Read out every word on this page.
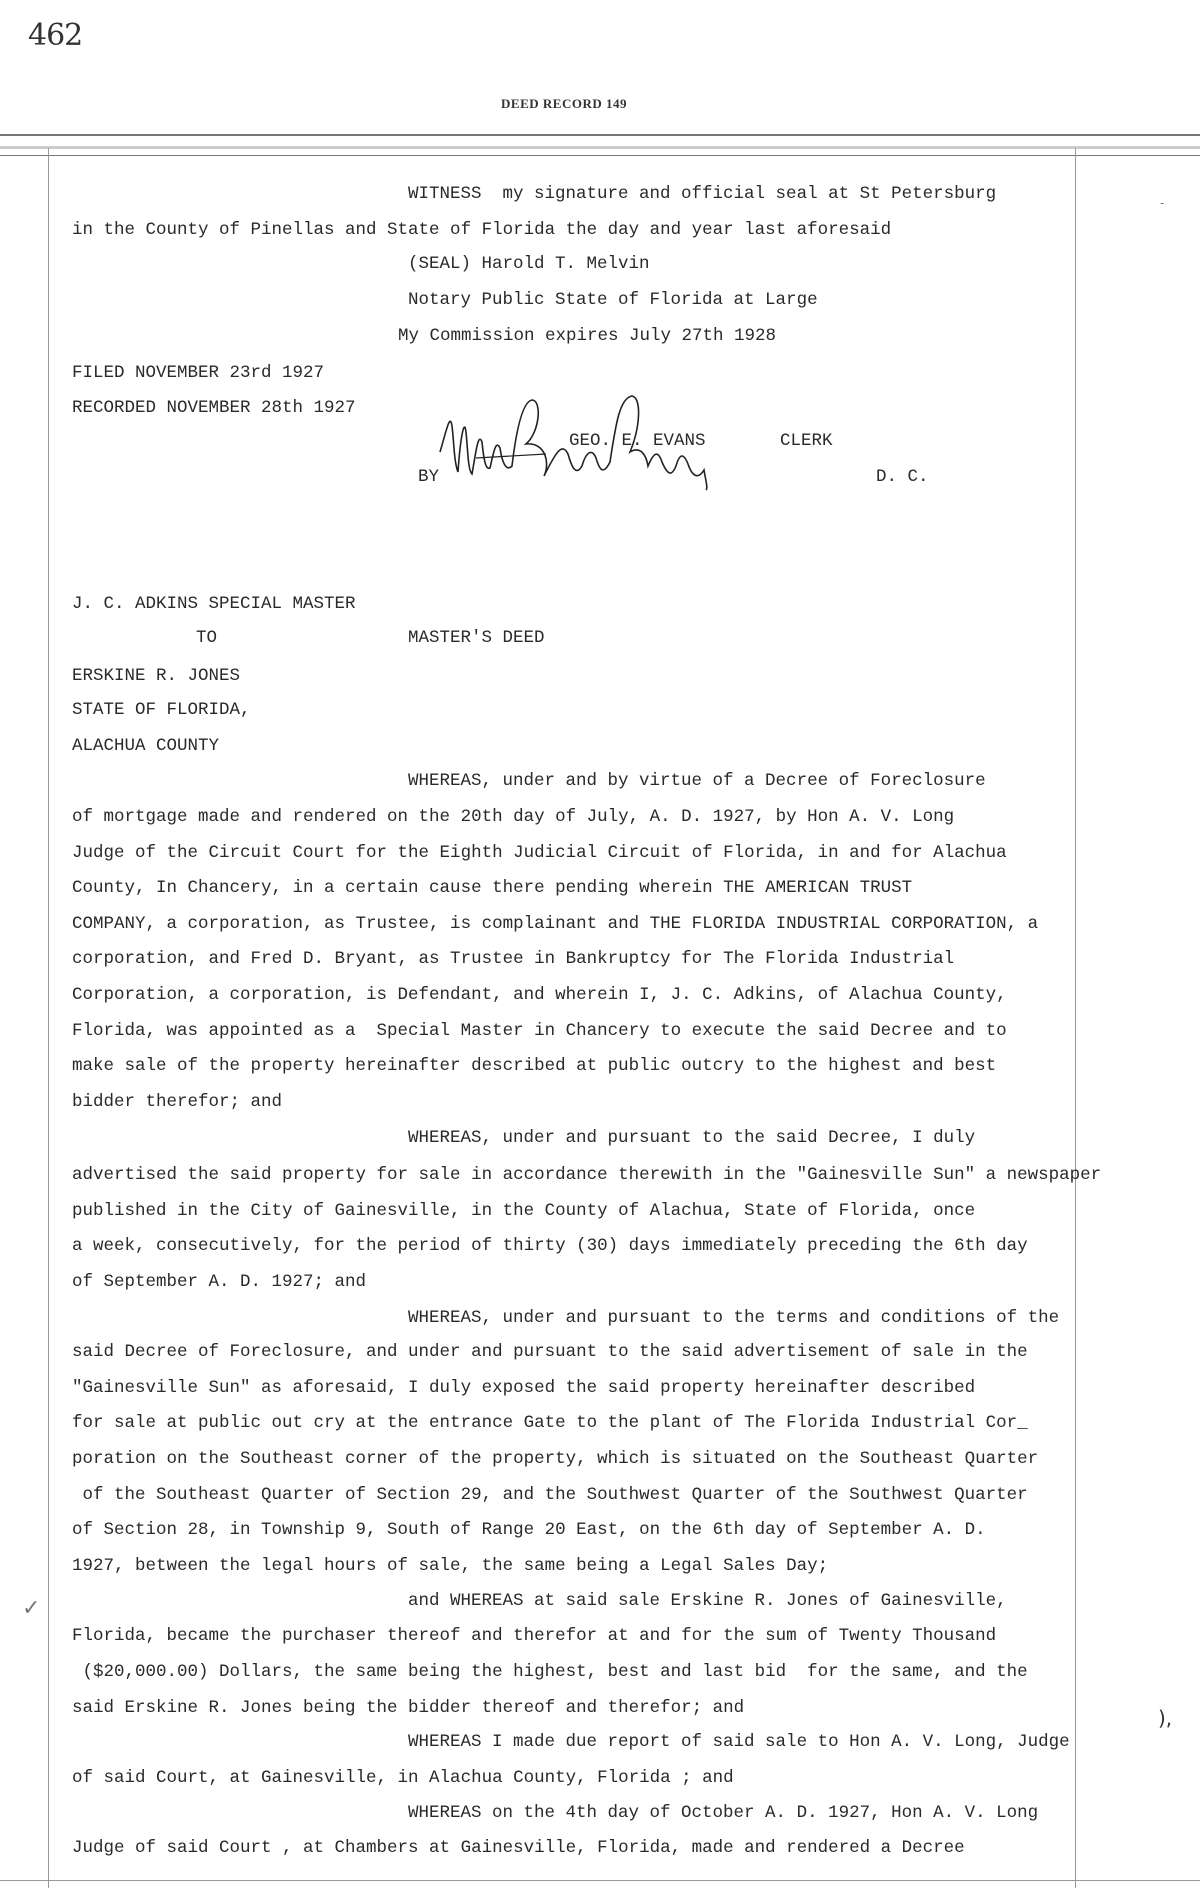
462
DEED RECORD 149
WITNESS  my signature and official seal at St Petersburg
in the County of Pinellas and State of Florida the day and year last aforesaid
(SEAL) Harold T. Melvin
Notary Public State of Florida at Large
My Commission expires July 27th 1928
FILED NOVEMBER 23rd 1927
RECORDED NOVEMBER 28th 1927
GEO. E. EVANS	CLERK
BY	D. C.
J. C. ADKINS SPECIAL MASTER
TO	MASTER'S DEED
ERSKINE R. JONES
STATE OF FLORIDA,
ALACHUA COUNTY
WHEREAS, under and by virtue of a Decree of Foreclosure
of mortgage made and rendered on the 20th day of July, A. D. 1927, by Hon A. V. Long
Judge of the Circuit Court for the Eighth Judicial Circuit of Florida, in and for Alachua
County, In Chancery, in a certain cause there pending wherein THE AMERICAN TRUST
COMPANY, a corporation, as Trustee, is complainant and THE FLORIDA INDUSTRIAL CORPORATION, a
corporation, and Fred D. Bryant, as Trustee in Bankruptcy for The Florida Industrial
Corporation, a corporation, is Defendant, and wherein I, J. C. Adkins, of Alachua County,
Florida, was appointed as a  Special Master in Chancery to execute the said Decree and to
make sale of the property hereinafter described at public outcry to the highest and best
bidder therefor; and
WHEREAS, under and pursuant to the said Decree, I duly
advertised the said property for sale in accordance therewith in the "Gainesville Sun" a newspaper
published in the City of Gainesville, in the County of Alachua, State of Florida, once
a week, consecutively, for the period of thirty (30) days immediately preceding the 6th day
of September A. D. 1927; and
WHEREAS, under and pursuant to the terms and conditions of the
said Decree of Foreclosure, and under and pursuant to the said advertisement of sale in the
"Gainesville Sun" as aforesaid, I duly exposed the said property hereinafter described
for sale at public out cry at the entrance Gate to the plant of The Florida Industrial Cor_
poration on the Southeast corner of the property, which is situated on the Southeast Quarter
of the Southeast Quarter of Section 29, and the Southwest Quarter of the Southwest Quarter
of Section 28, in Township 9, South of Range 20 East, on the 6th day of September A. D.
1927, between the legal hours of sale, the same being a Legal Sales Day;
and WHEREAS at said sale Erskine R. Jones of Gainesville,
Florida, became the purchaser thereof and therefor at and for the sum of Twenty Thousand
($20,000.00) Dollars, the same being the highest, best and last bid  for the same, and the
said Erskine R. Jones being the bidder thereof and therefor; and
WHEREAS I made due report of said sale to Hon A. V. Long, Judge
of said Court, at Gainesville, in Alachua County, Florida ; and
WHEREAS on the 4th day of October A. D. 1927, Hon A. V. Long
Judge of said Court , at Chambers at Gainesville, Florida, made and rendered a Decree
‐
✓
),
